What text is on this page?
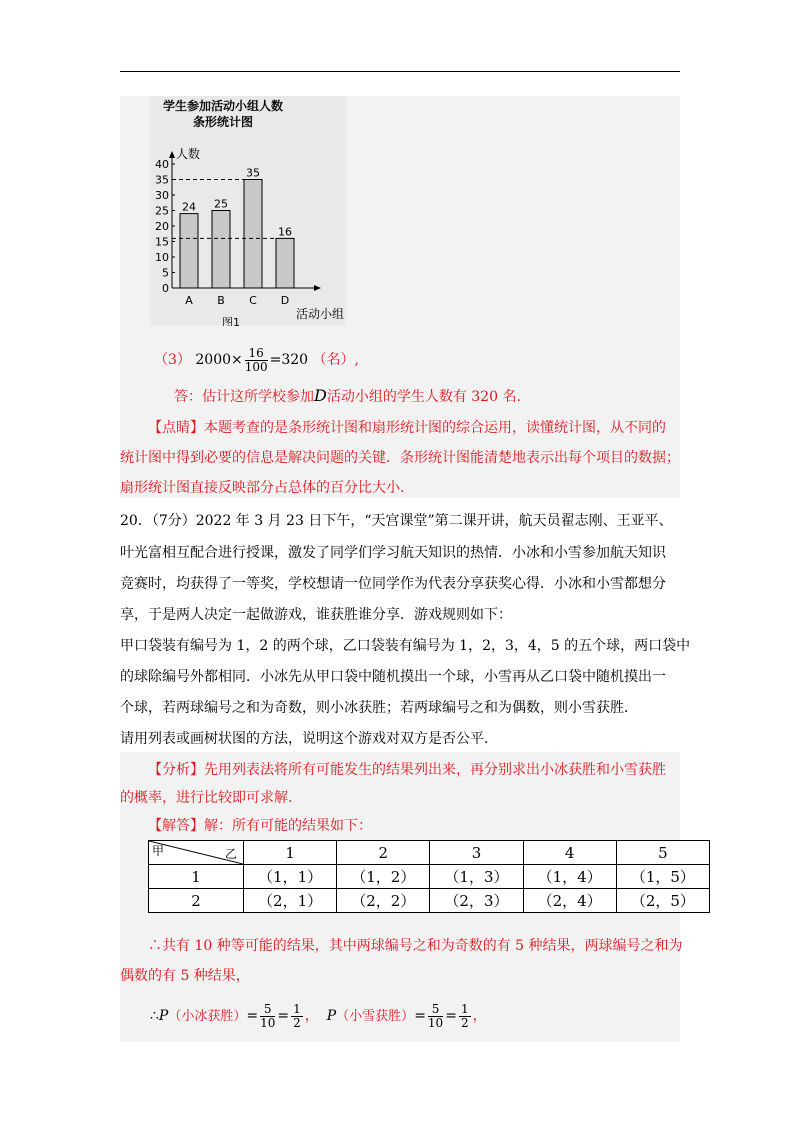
学生参加活动小组人数
条形统计图
人数
活动小组
图1
0
5
10
15
20
25
30
35
40
24
A
25
B
35
C
16
D
（3） $2000\times \frac{16}{100} =320$ （名）,
答：估计这所学校参加D活动小组的学生人数有 320 名.
【点睛】本题考查的是条形统计图和扇形统计图的综合运用，读懂统计图，从不同的
统计图中得到必要的信息是解决问题的关键．条形统计图能清楚地表示出每个项目的数据；
扇形统计图直接反映部分占总体的百分比大小.
20．（7分）2022 年 3 月 23 日下午，“天宫课堂”第二课开讲，航天员翟志刚、王亚平、
叶光富相互配合进行授课，激发了同学们学习航天知识的热情．小冰和小雪参加航天知识
竞赛时，均获得了一等奖，学校想请一位同学作为代表分享获奖心得．小冰和小雪都想分
享，于是两人决定一起做游戏，谁获胜谁分享．游戏规则如下：
甲口袋装有编号为 1，2 的两个球，乙口袋装有编号为 1，2，3，4，5 的五个球，两口袋中
的球除编号外都相同．小冰先从甲口袋中随机摸出一个球，小雪再从乙口袋中随机摸出一
个球，若两球编号之和为奇数，则小冰获胜；若两球编号之和为偶数，则小雪获胜．
请用列表或画树状图的方法，说明这个游戏对双方是否公平．
【分析】先用列表法将所有可能发生的结果列出来，再分别求出小冰获胜和小雪获胜
的概率，进行比较即可求解.
【解答】解：所有可能的结果如下：
甲 乙	1	2	3	4	5
1	（1，1）	（1，2）	（1，3）	（1，4）	（1，5）
2	（2，1）	（2，2）	（2，3）	（2，4）	（2，5）
∴共有 10 种等可能的结果，其中两球编号之和为奇数的有 5 种结果，两球编号之和为
偶数的有 5 种结果，
∴P（小冰获胜）= $\frac{5}{10} = \frac{1}{2}$ ， P（小雪获胜）= $\frac{5}{10} = \frac{1}{2}$ ，
